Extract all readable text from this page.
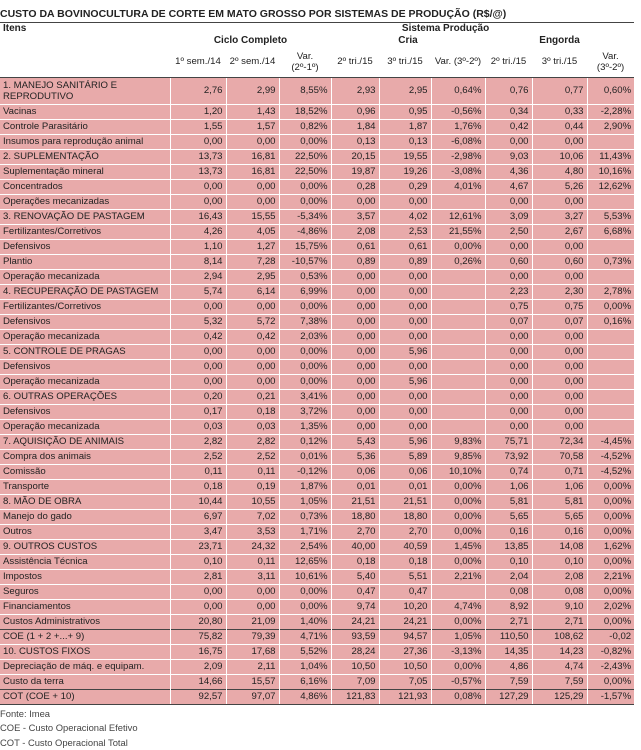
CUSTO DA BOVINOCULTURA DE CORTE EM MATO GROSSO POR SISTEMAS DE PRODUÇÃO (R$/@)
Itens	Sistema Produção								
	Ciclo Completo			Cria			Engorda		
	1º sem./14	2º sem./14	Var. (2º-1º)	2º tri./15	3º tri./15	Var. (3º-2º)	2º tri./15	3º tri./15	Var. (3º-2º)
1. MANEJO SANITÁRIO E REPRODUTIVO	2,76	2,99	8,55%	2,93	2,95	0,64%	0,76	0,77	0,60%
Vacinas	1,20	1,43	18,52%	0,96	0,95	-0,56%	0,34	0,33	-2,28%
Controle Parasitário	1,55	1,57	0,82%	1,84	1,87	1,76%	0,42	0,44	2,90%
Insumos para reprodução animal	0,00	0,00	0,00%	0,13	0,13	-6,08%	0,00	0,00	
2. SUPLEMENTAÇÃO	13,73	16,81	22,50%	20,15	19,55	-2,98%	9,03	10,06	11,43%
Suplementação mineral	13,73	16,81	22,50%	19,87	19,26	-3,08%	4,36	4,80	10,16%
Concentrados	0,00	0,00	0,00%	0,28	0,29	4,01%	4,67	5,26	12,62%
Operações mecanizadas	0,00	0,00	0,00%	0,00	0,00		0,00	0,00	
3. RENOVAÇÃO DE PASTAGEM	16,43	15,55	-5,34%	3,57	4,02	12,61%	3,09	3,27	5,53%
Fertilizantes/Corretivos	4,26	4,05	-4,86%	2,08	2,53	21,55%	2,50	2,67	6,68%
Defensivos	1,10	1,27	15,75%	0,61	0,61	0,00%	0,00	0,00	
Plantio	8,14	7,28	-10,57%	0,89	0,89	0,26%	0,60	0,60	0,73%
Operação mecanizada	2,94	2,95	0,53%	0,00	0,00		0,00	0,00	
4. RECUPERAÇÃO DE PASTAGEM	5,74	6,14	6,99%	0,00	0,00		2,23	2,30	2,78%
Fertilizantes/Corretivos	0,00	0,00	0,00%	0,00	0,00		0,75	0,75	0,00%
Defensivos	5,32	5,72	7,38%	0,00	0,00		0,07	0,07	0,16%
Operação mecanizada	0,42	0,42	2,03%	0,00	0,00		0,00	0,00	
5. CONTROLE DE PRAGAS	0,00	0,00	0,00%	0,00	5,96		0,00	0,00	
Defensivos	0,00	0,00	0,00%	0,00	0,00		0,00	0,00	
Operação mecanizada	0,00	0,00	0,00%	0,00	5,96		0,00	0,00	
6. OUTRAS OPERAÇÕES	0,20	0,21	3,41%	0,00	0,00		0,00	0,00	
Defensivos	0,17	0,18	3,72%	0,00	0,00		0,00	0,00	
Operação mecanizada	0,03	0,03	1,35%	0,00	0,00		0,00	0,00	
7. AQUISIÇÃO DE ANIMAIS	2,82	2,82	0,12%	5,43	5,96	9,83%	75,71	72,34	-4,45%
Compra dos animais	2,52	2,52	0,01%	5,36	5,89	9,85%	73,92	70,58	-4,52%
Comissão	0,11	0,11	-0,12%	0,06	0,06	10,10%	0,74	0,71	-4,52%
Transporte	0,18	0,19	1,87%	0,01	0,01	0,00%	1,06	1,06	0,00%
8. MÃO DE OBRA	10,44	10,55	1,05%	21,51	21,51	0,00%	5,81	5,81	0,00%
Manejo do gado	6,97	7,02	0,73%	18,80	18,80	0,00%	5,65	5,65	0,00%
Outros	3,47	3,53	1,71%	2,70	2,70	0,00%	0,16	0,16	0,00%
9. OUTROS CUSTOS	23,71	24,32	2,54%	40,00	40,59	1,45%	13,85	14,08	1,62%
Assistência Técnica	0,10	0,11	12,65%	0,18	0,18	0,00%	0,10	0,10	0,00%
Impostos	2,81	3,11	10,61%	5,40	5,51	2,21%	2,04	2,08	2,21%
Seguros	0,00	0,00	0,00%	0,47	0,47		0,08	0,08	0,00%
Financiamentos	0,00	0,00	0,00%	9,74	10,20	4,74%	8,92	9,10	2,02%
Custos Administrativos	20,80	21,09	1,40%	24,21	24,21	0,00%	2,71	2,71	0,00%
COE (1 + 2 +...+ 9)	75,82	79,39	4,71%	93,59	94,57	1,05%	110,50	108,62	-0,02
10. CUSTOS FIXOS	16,75	17,68	5,52%	28,24	27,36	-3,13%	14,35	14,23	-0,82%
Depreciação de máq. e equipam.	2,09	2,11	1,04%	10,50	10,50	0,00%	4,86	4,74	-2,43%
Custo da terra	14,66	15,57	6,16%	7,09	7,05	-0,57%	7,59	7,59	0,00%
COT (COE + 10)	92,57	97,07	4,86%	121,83	121,93	0,08%	127,29	125,29	-1,57%
Fonte: Imea
COE - Custo Operacional Efetivo
COT - Custo Operacional Total
